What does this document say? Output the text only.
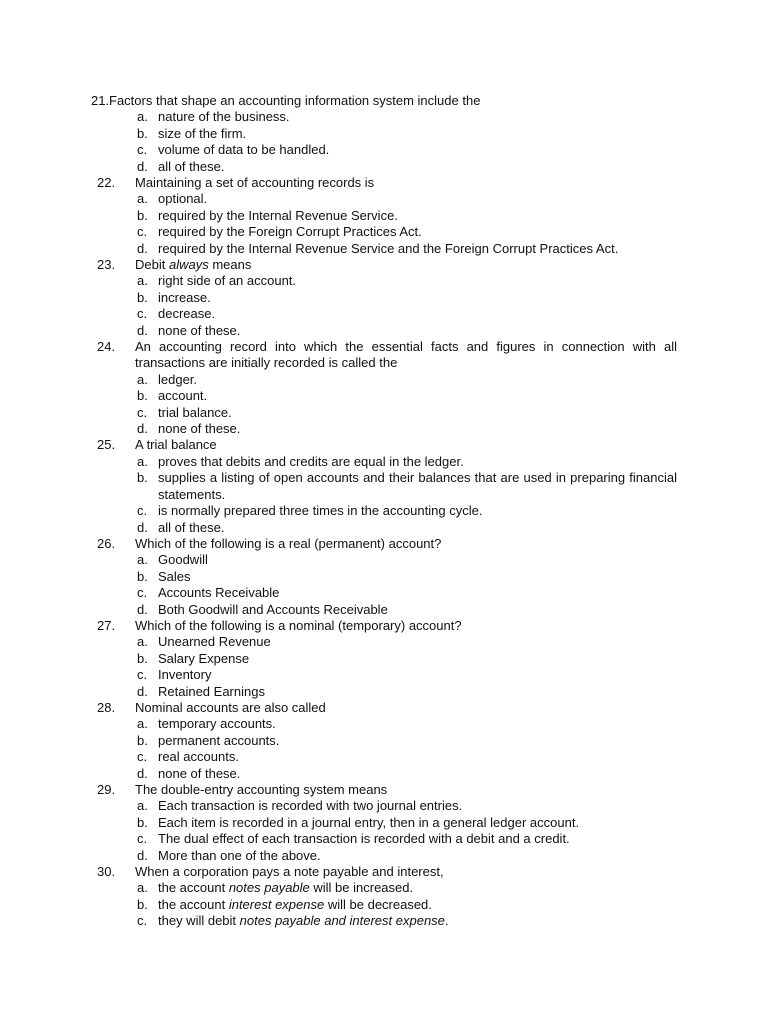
21. Factors that shape an accounting information system include the
a. nature of the business.
b. size of the firm.
c. volume of data to be handled.
d. all of these.
22. Maintaining a set of accounting records is
a. optional.
b. required by the Internal Revenue Service.
c. required by the Foreign Corrupt Practices Act.
d. required by the Internal Revenue Service and the Foreign Corrupt Practices Act.
23. Debit always means
a. right side of an account.
b. increase.
c. decrease.
d. none of these.
24. An accounting record into which the essential facts and figures in connection with all transactions are initially recorded is called the
a. ledger.
b. account.
c. trial balance.
d. none of these.
25. A trial balance
a. proves that debits and credits are equal in the ledger.
b. supplies a listing of open accounts and their balances that are used in preparing financial statements.
c. is normally prepared three times in the accounting cycle.
d. all of these.
26. Which of the following is a real (permanent) account?
a. Goodwill
b. Sales
c. Accounts Receivable
d. Both Goodwill and Accounts Receivable
27. Which of the following is a nominal (temporary) account?
a. Unearned Revenue
b. Salary Expense
c. Inventory
d. Retained Earnings
28. Nominal accounts are also called
a. temporary accounts.
b. permanent accounts.
c. real accounts.
d. none of these.
29. The double-entry accounting system means
a. Each transaction is recorded with two journal entries.
b. Each item is recorded in a journal entry, then in a general ledger account.
c. The dual effect of each transaction is recorded with a debit and a credit.
d. More than one of the above.
30. When a corporation pays a note payable and interest,
a. the account notes payable will be increased.
b. the account interest expense will be decreased.
c. they will debit notes payable and interest expense.
